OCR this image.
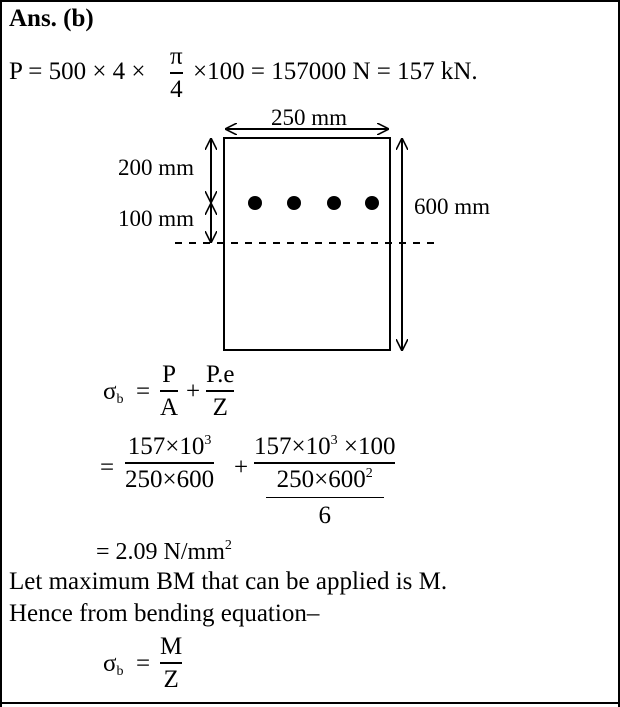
Ans. (b)
P = 500 × 4 ×
π
4
×100 = 157000 N = 157 kN.
250 mm
200 mm
100 mm	600 mm
$\sigma_b$ =
P
A
+
P.e
Z
=
$157\times 10^3$
250×600 +
$157\times 10^3 \times 100$
$250\times 600^2$
6
= 2.09 $N/mm^2$
Let maximum BM that can be applied is M.
Hence from bending equation–
$\sigma_b$ =
M
Z
